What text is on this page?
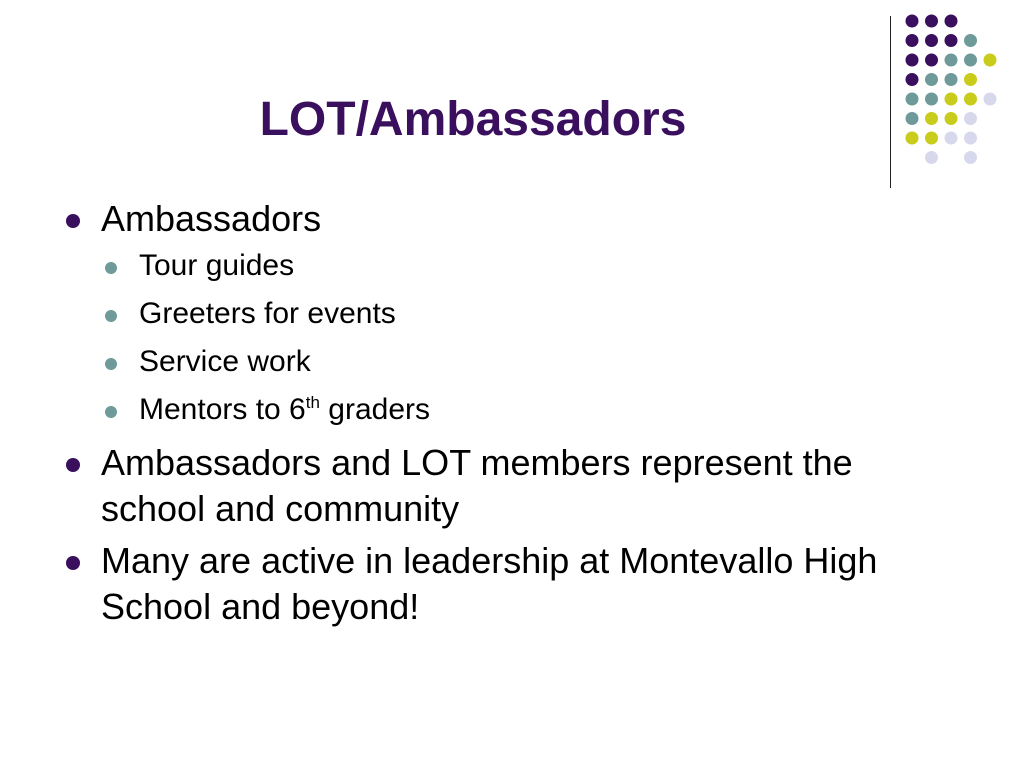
LOT/Ambassadors
Ambassadors
Tour guides
Greeters for events
Service work
Mentors to 6th graders
Ambassadors and LOT members represent the school and community
Many are active in leadership at Montevallo High School and beyond!
